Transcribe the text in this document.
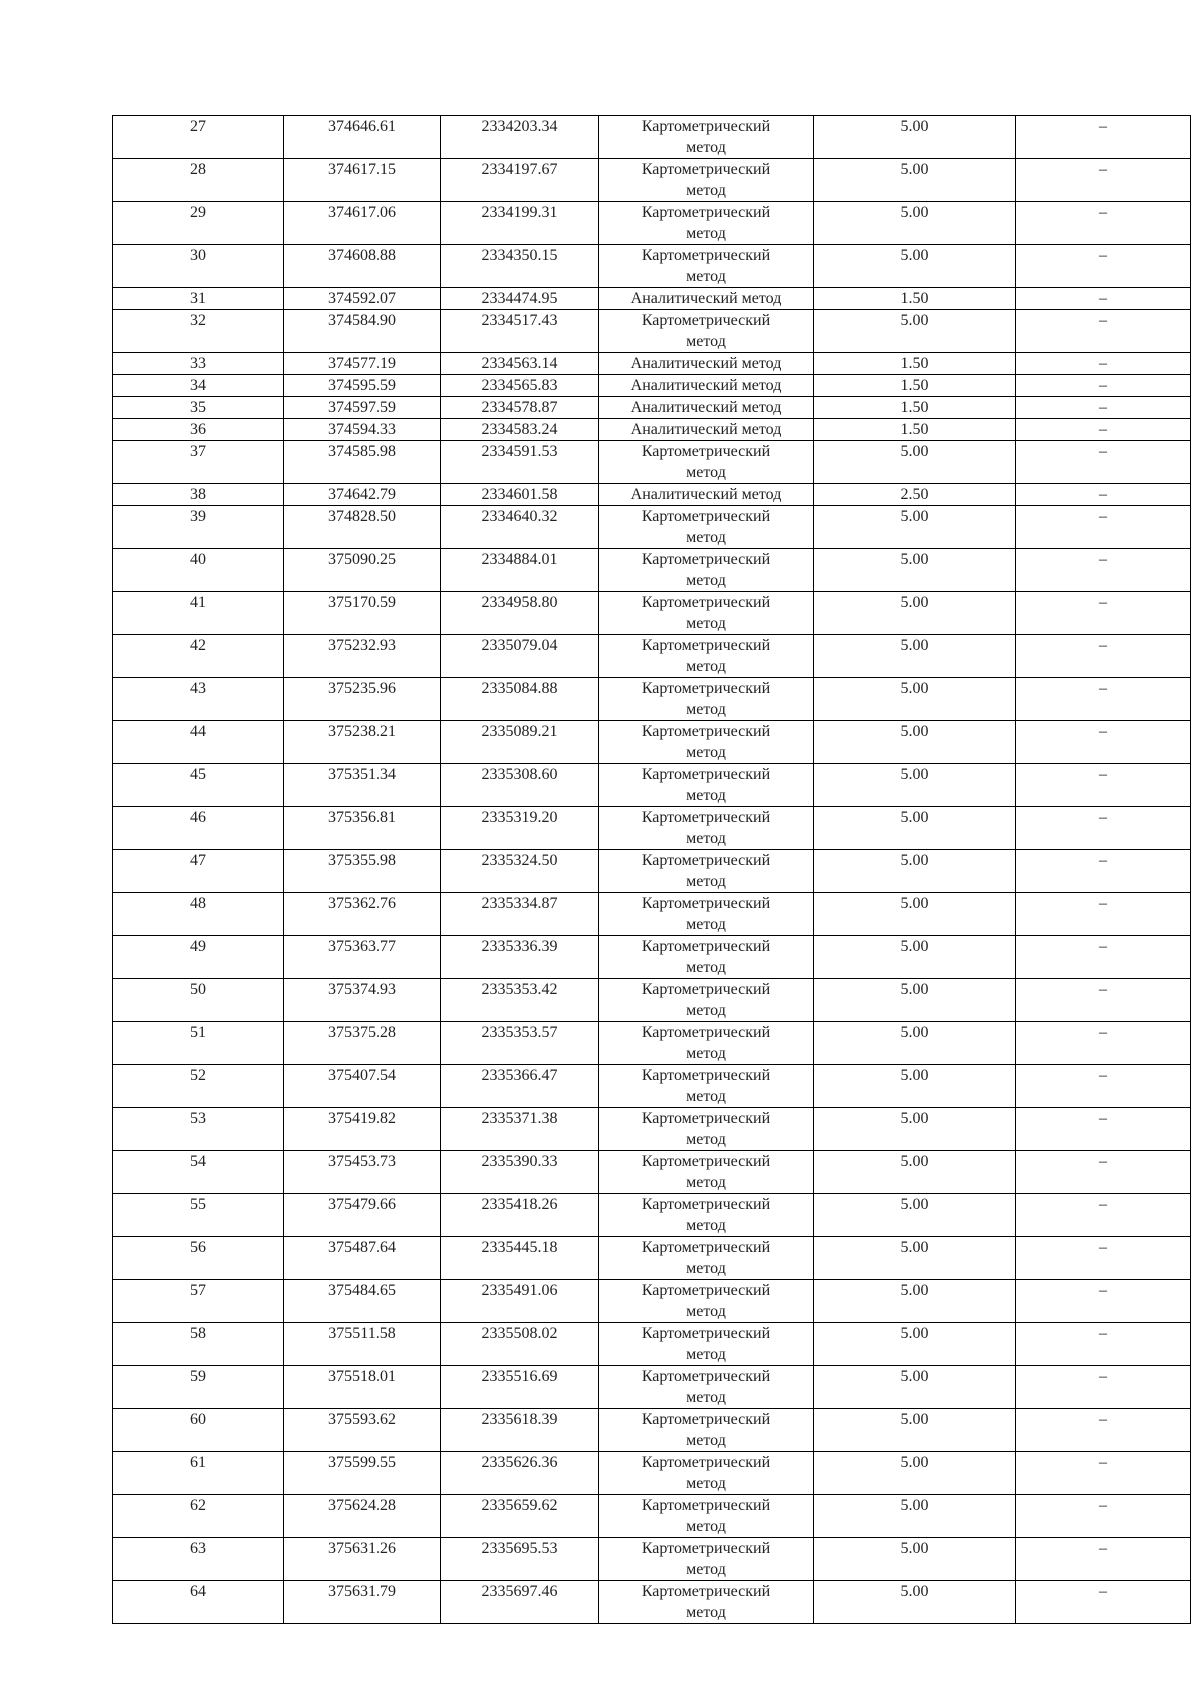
27	374646.61	2334203.34	Картометрический метод	5.00	–
28	374617.15	2334197.67	Картометрический метод	5.00	–
29	374617.06	2334199.31	Картометрический метод	5.00	–
30	374608.88	2334350.15	Картометрический метод	5.00	–
31	374592.07	2334474.95	Аналитический метод	1.50	–
32	374584.90	2334517.43	Картометрический метод	5.00	–
33	374577.19	2334563.14	Аналитический метод	1.50	–
34	374595.59	2334565.83	Аналитический метод	1.50	–
35	374597.59	2334578.87	Аналитический метод	1.50	–
36	374594.33	2334583.24	Аналитический метод	1.50	–
37	374585.98	2334591.53	Картометрический метод	5.00	–
38	374642.79	2334601.58	Аналитический метод	2.50	–
39	374828.50	2334640.32	Картометрический метод	5.00	–
40	375090.25	2334884.01	Картометрический метод	5.00	–
41	375170.59	2334958.80	Картометрический метод	5.00	–
42	375232.93	2335079.04	Картометрический метод	5.00	–
43	375235.96	2335084.88	Картометрический метод	5.00	–
44	375238.21	2335089.21	Картометрический метод	5.00	–
45	375351.34	2335308.60	Картометрический метод	5.00	–
46	375356.81	2335319.20	Картометрический метод	5.00	–
47	375355.98	2335324.50	Картометрический метод	5.00	–
48	375362.76	2335334.87	Картометрический метод	5.00	–
49	375363.77	2335336.39	Картометрический метод	5.00	–
50	375374.93	2335353.42	Картометрический метод	5.00	–
51	375375.28	2335353.57	Картометрический метод	5.00	–
52	375407.54	2335366.47	Картометрический метод	5.00	–
53	375419.82	2335371.38	Картометрический метод	5.00	–
54	375453.73	2335390.33	Картометрический метод	5.00	–
55	375479.66	2335418.26	Картометрический метод	5.00	–
56	375487.64	2335445.18	Картометрический метод	5.00	–
57	375484.65	2335491.06	Картометрический метод	5.00	–
58	375511.58	2335508.02	Картометрический метод	5.00	–
59	375518.01	2335516.69	Картометрический метод	5.00	–
60	375593.62	2335618.39	Картометрический метод	5.00	–
61	375599.55	2335626.36	Картометрический метод	5.00	–
62	375624.28	2335659.62	Картометрический метод	5.00	–
63	375631.26	2335695.53	Картометрический метод	5.00	–
64	375631.79	2335697.46	Картометрический метод	5.00	–
